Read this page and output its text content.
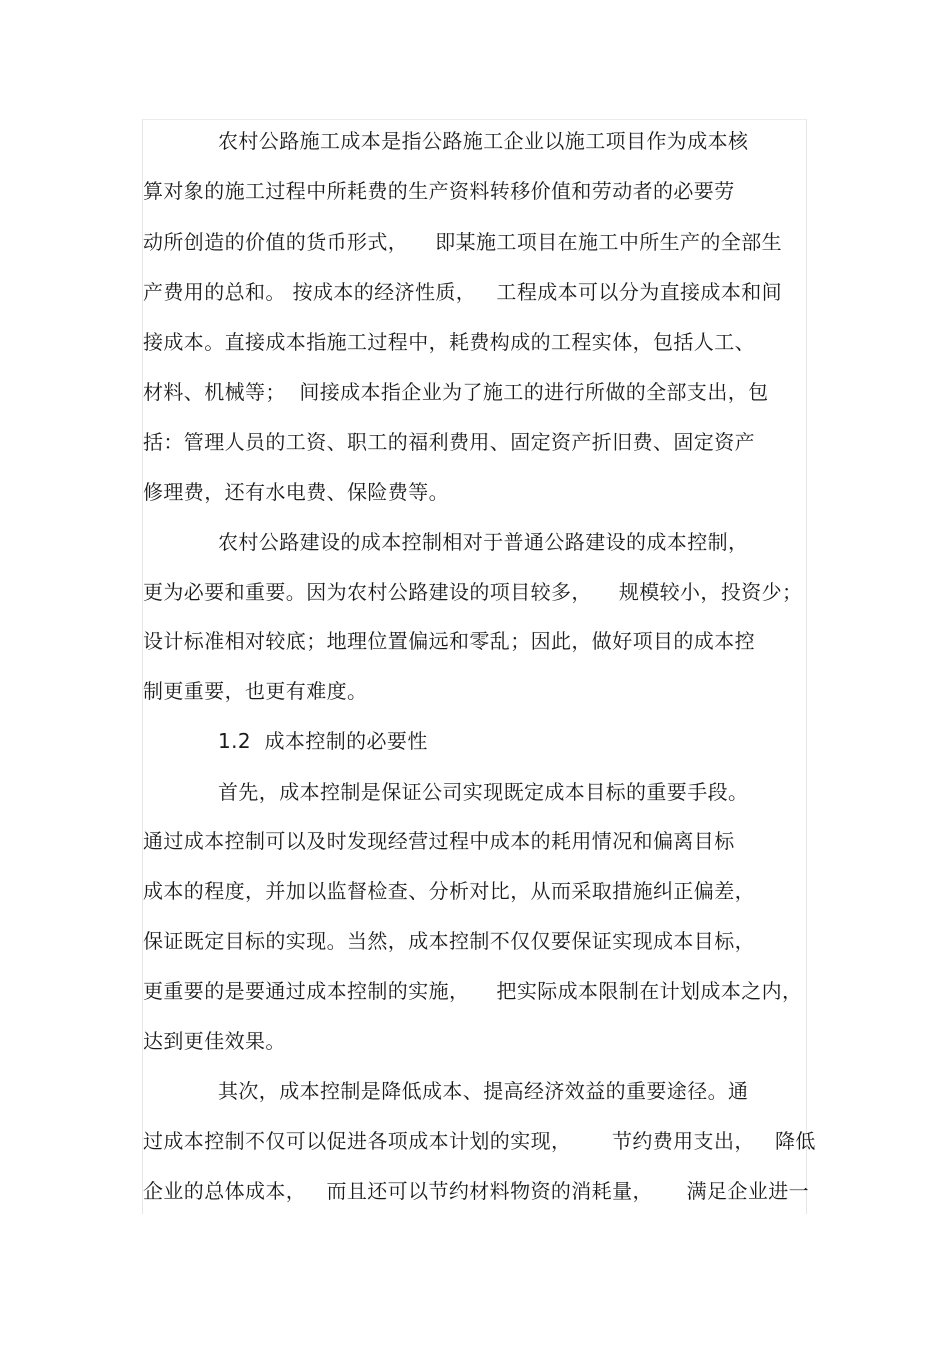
农村公路施工成本是指公路施工企业以施工项目作为成本核
算对象的施工过程中所耗费的生产资料转移价值和劳动者的必要劳
动所创造的价值的货币形式，    即某施工项目在施工中所生产的全部生
产费用的总和。 按成本的经济性质，   工程成本可以分为直接成本和间
接成本。直接成本指施工过程中，耗费构成的工程实体，包括人工、
材料、机械等；  间接成本指企业为了施工的进行所做的全部支出，包
括：管理人员的工资、职工的福利费用、固定资产折旧费、固定资产
修理费，还有水电费、保险费等。
农村公路建设的成本控制相对于普通公路建设的成本控制，
更为必要和重要。因为农村公路建设的项目较多，    规模较小，投资少；
设计标准相对较底；地理位置偏远和零乱；因此，做好项目的成本控
制更重要，也更有难度。
1.2  成本控制的必要性
首先，成本控制是保证公司实现既定成本目标的重要手段。
通过成本控制可以及时发现经营过程中成本的耗用情况和偏离目标
成本的程度，并加以监督检查、分析对比，从而采取措施纠正偏差，
保证既定目标的实现。当然，成本控制不仅仅要保证实现成本目标，
更重要的是要通过成本控制的实施，    把实际成本限制在计划成本之内，
达到更佳效果。
其次，成本控制是降低成本、提高经济效益的重要途径。通
过成本控制不仅可以促进各项成本计划的实现，      节约费用支出，   降低
企业的总体成本，   而且还可以节约材料物资的消耗量，     满足企业进一
